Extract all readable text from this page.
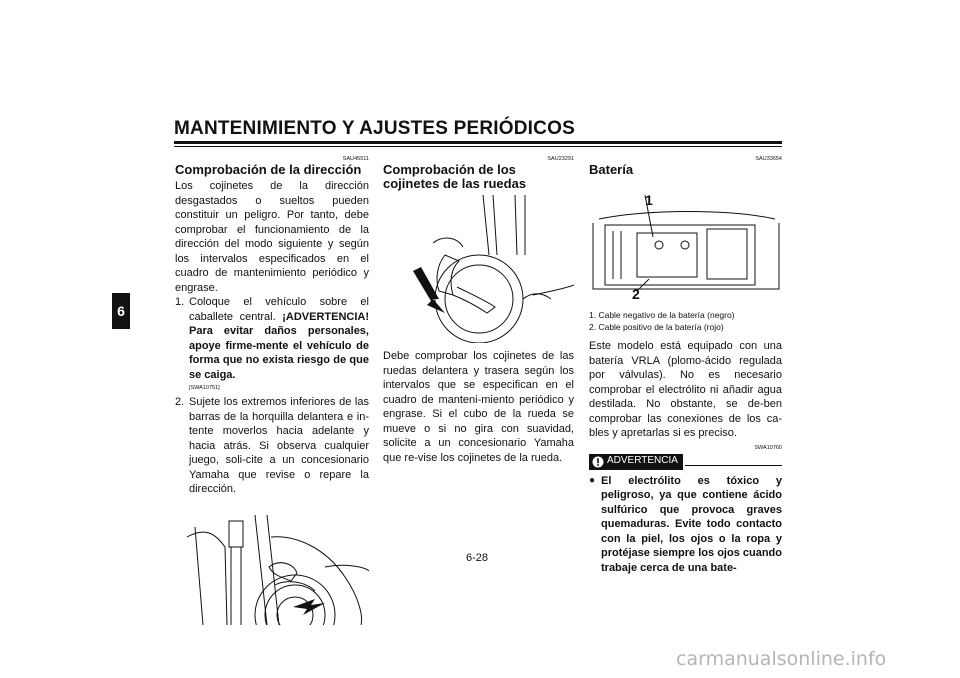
MANTENIMIENTO Y AJUSTES PERIÓDICOS
6
SAU45511
Comprobación de la dirección

Los cojinetes de la dirección desgastados o sueltos pueden constituir un peligro. Por tanto, debe comprobar el funcionamiento de la dirección del modo siguiente y según los intervalos especificados en el cuadro de mantenimiento periódico y engrase.

1. Coloque el vehículo sobre el caballete central. ¡ADVERTENCIA! Para evitar daños personales, apoye firme-mente el vehículo de forma que no exista riesgo de que se caiga.
[SWA10751]
2. Sujete los extremos inferiores de las barras de la horquilla delantera e in-tente moverlos hacia adelante y hacia atrás. Si observa cualquier juego, soli-cite a un concesionario Yamaha que revise o repare la dirección.
SAU23291
Comprobación de los cojinetes de las ruedas

Debe comprobar los cojinetes de las ruedas delantera y trasera según los intervalos que se especifican en el cuadro de manteni-miento periódico y engrase. Si el cubo de la rueda se mueve o si no gira con suavidad, solicite a un concesionario Yamaha que re-vise los cojinetes de la rueda.

SAU33654
Batería
1
2
1. Cable negativo de la batería (negro)
2. Cable positivo de la batería (rojo)

Este modelo está equipado con una batería VRLA (plomo-ácido regulada por válvulas). No es necesario comprobar el electrólito ni añadir agua destilada. No obstante, se de-ben comprobar las conexiones de los ca-bles y apretarlas si es preciso.

SWA10760
ADVERTENCIA
● El electrólito es tóxico y peligroso, ya que contiene ácido sulfúrico que provoca graves quemaduras. Evite todo contacto con la piel, los ojos o la ropa y protéjase siempre los ojos cuando trabaje cerca de una bate-
6-28
carmanualsonline.info
